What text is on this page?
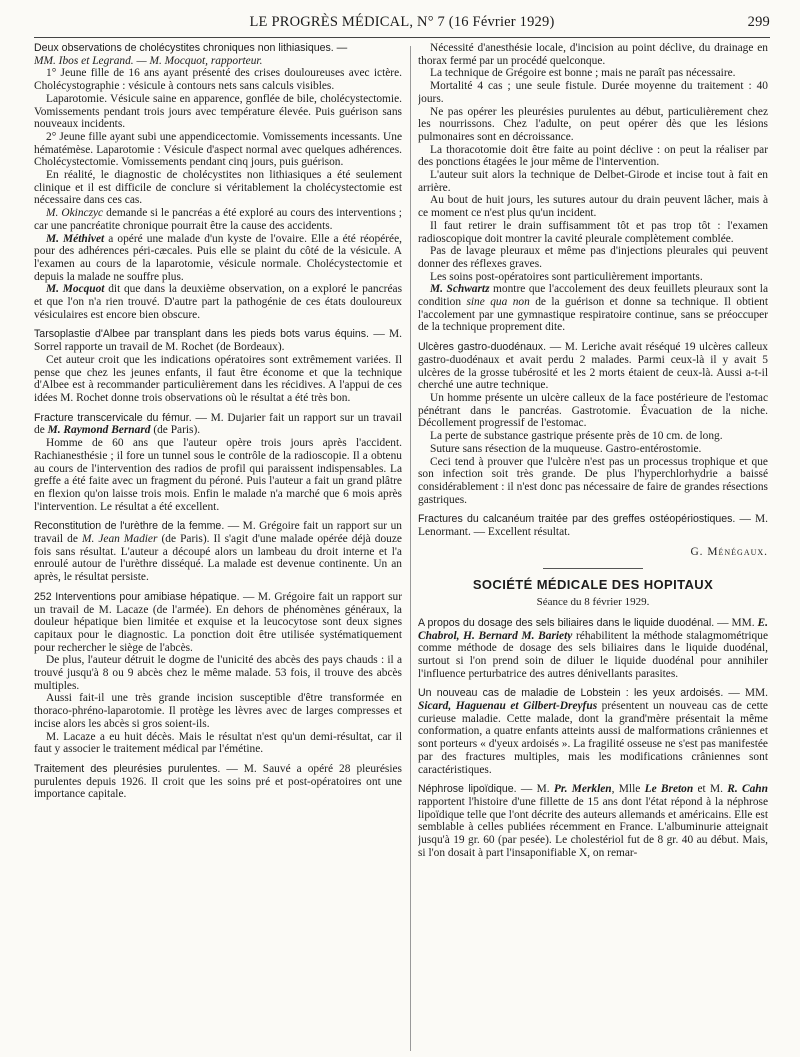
LE PROGRÈS MÉDICAL, N° 7 (16 Février 1929)	299

Deux observations de cholécystites chroniques non lithiasiques. —

MM. Ibos et Legrand. — M. Mocquot, rapporteur.

1° Jeune fille de 16 ans ayant présenté des crises douloureuses avec ictère. Cholécystographie : vésicule à contours nets sans calculs visibles.

Laparotomie. Vésicule saine en apparence, gonflée de bile, cholécystectomie. Vomissements pendant trois jours avec température élevée. Puis guérison sans nouveaux incidents.

2° Jeune fille ayant subi une appendicectomie. Vomissements incessants. Une hématémèse. Laparotomie : Vésicule d'aspect normal avec quelques adhérences. Cholécystectomie. Vomissements pendant cinq jours, puis guérison.

En réalité, le diagnostic de cholécystites non lithiasiques a été seulement clinique et il est difficile de conclure si véritablement la cholécystectomie est nécessaire dans ces cas.

M. Okinczyc demande si le pancréas a été exploré au cours des interventions ; car une pancréatite chronique pourrait être la cause des accidents.

M. Méthivet a opéré une malade d'un kyste de l'ovaire. Elle a été réopérée, pour des adhérences péri-cæcales. Puis elle se plaint du côté de la vésicule. A l'examen au cours de la laparotomie, vésicule normale. Cholécystectomie et depuis la malade ne souffre plus.

M. Mocquot dit que dans la deuxième observation, on a exploré le pancréas et que l'on n'a rien trouvé. D'autre part la pathogénie de ces états douloureux vésiculaires est encore bien obscure.

Tarsoplastie d'Albee par transplant dans les pieds bots varus équins. — M. Sorrel rapporte un travail de M. Rochet (de Bordeaux).

Cet auteur croit que les indications opératoires sont extrêmement variées. Il pense que chez les jeunes enfants, il faut être économe et que la technique d'Albee est à recommander particulièrement dans les récidives. A l'appui de ces idées M. Rochet donne trois observations où le résultat a été très bon.

Fracture transcervicale du fémur. — M. Dujarier fait un rapport sur un travail de M. Raymond Bernard (de Paris).

Homme de 60 ans que l'auteur opère trois jours après l'accident. Rachianesthésie ; il fore un tunnel sous le contrôle de la radioscopie. Il a obtenu au cours de l'intervention des radios de profil qui paraissent indispensables. La greffe a été faite avec un fragment du péroné. Puis l'auteur a fait un grand plâtre en flexion qu'on laisse trois mois. Enfin le malade n'a marché que 6 mois après l'intervention. Le résultat a été excellent.

Reconstitution de l'urèthre de la femme. — M. Grégoire fait un rapport sur un travail de M. Jean Madier (de Paris). Il s'agit d'une malade opérée déjà douze fois sans résultat. L'auteur a découpé alors un lambeau du droit interne et l'a enroulé autour de l'urèthre disséqué. La malade est devenue continente. Un an après, le résultat persiste.

252 Interventions pour amibiase hépatique. — M. Grégoire fait un rapport sur un travail de M. Lacaze (de l'armée). En dehors de phénomènes généraux, la douleur hépatique bien limitée et exquise et la leucocytose sont deux signes capitaux pour le diagnostic. La ponction doit être utilisée systématiquement pour rechercher le siège de l'abcès.

De plus, l'auteur détruit le dogme de l'unicité des abcès des pays chauds : il a trouvé jusqu'à 8 ou 9 abcès chez le même malade. 53 fois, il trouve des abcès multiples.

Aussi fait-il une très grande incision susceptible d'être transformée en thoraco-phréno-laparotomie. Il protège les lèvres avec de larges compresses et incise alors les abcès si gros soient-ils.

M. Lacaze a eu huit décès. Mais le résultat n'est qu'un demi-résultat, car il faut y associer le traitement médical par l'émétine.

Traitement des pleurésies purulentes. — M. Sauvé a opéré 28 pleurésies purulentes depuis 1926. Il croit que les soins pré et post-opératoires ont une importance capitale.

Nécessité d'anesthésie locale, d'incision au point déclive, du drainage en thorax fermé par un procédé quelconque.

La technique de Grégoire est bonne ; mais ne paraît pas nécessaire.

Mortalité 4 cas ; une seule fistule. Durée moyenne du traitement : 40 jours.

Ne pas opérer les pleurésies purulentes au début, particulièrement chez les nourrissons. Chez l'adulte, on peut opérer dès que les lésions pulmonaires sont en décroissance.

La thoracotomie doit être faite au point déclive : on peut la réaliser par des ponctions étagées le jour même de l'intervention.

L'auteur suit alors la technique de Delbet-Girode et incise tout à fait en arrière.

Au bout de huit jours, les sutures autour du drain peuvent lâcher, mais à ce moment ce n'est plus qu'un incident.

Il faut retirer le drain suffisamment tôt et pas trop tôt : l'examen radioscopique doit montrer la cavité pleurale complètement comblée.

Pas de lavage pleuraux et même pas d'injections pleurales qui peuvent donner des réflexes graves.

Les soins post-opératoires sont particulièrement importants.

M. Schwartz montre que l'accolement des deux feuillets pleuraux sont la condition sine qua non de la guérison et donne sa technique. Il obtient l'accolement par une gymnastique respiratoire continue, sans se préoccuper de la technique proprement dite.

Ulcères gastro-duodénaux. — M. Leriche avait réséqué 19 ulcères calleux gastro-duodénaux et avait perdu 2 malades. Parmi ceux-là il y avait 5 ulcères de la grosse tubérosité et les 2 morts étaient de ceux-là. Aussi a-t-il cherché une autre technique.

Un homme présente un ulcère calleux de la face postérieure de l'estomac pénétrant dans le pancréas. Gastrotomie. Évacuation de la niche. Décollement progressif de l'estomac.

La perte de substance gastrique présente près de 10 cm. de long.

Suture sans résection de la muqueuse. Gastro-entérostomie.

Ceci tend à prouver que l'ulcère n'est pas un processus trophique et que son infection soit très grande. De plus l'hyperchlorhydrie a baissé considérablement : il n'est donc pas nécessaire de faire de grandes résections gastriques.

Fractures du calcanéum traitée par des greffes ostéopériostiques. — M. Lenormant. — Excellent résultat.

G. Ménégaux.
SOCIÉTÉ MÉDICALE DES HOPITAUX
Séance du 8 février 1929.

A propos du dosage des sels biliaires dans le liquide duodénal. — MM. E. Chabrol, H. Bernard M. Bariety réhabilitent la méthode stalagmométrique comme méthode de dosage des sels biliaires dans le liquide duodénal, surtout si l'on prend soin de diluer le liquide duodénal pour annihiler l'influence perturbatrice des autres dénivellants parasites.

Un nouveau cas de maladie de Lobstein : les yeux ardoisés. — MM. Sicard, Haguenau et Gilbert-Dreyfus présentent un nouveau cas de cette curieuse maladie. Cette malade, dont la grand'mère présentait la même conformation, a quatre enfants atteints aussi de malformations crâniennes et sont porteurs « d'yeux ardoisés ». La fragilité osseuse ne s'est pas manifestée par des fractures multiples, mais les modifications crâniennes sont caractéristiques.

Néphrose lipoïdique. — M. Pr. Merklen, Mlle Le Breton et M. R. Cahn rapportent l'histoire d'une fillette de 15 ans dont l'état répond à la néphrose lipoïdique telle que l'ont décrite des auteurs allemands et américains. Elle est semblable à celles publiées récemment en France. L'albuminurie atteignait jusqu'à 19 gr. 60 (par pesée). Le cholestériol fut de 8 gr. 40 au début. Mais, si l'on dosait à part l'insaponifiable X, on remar-
